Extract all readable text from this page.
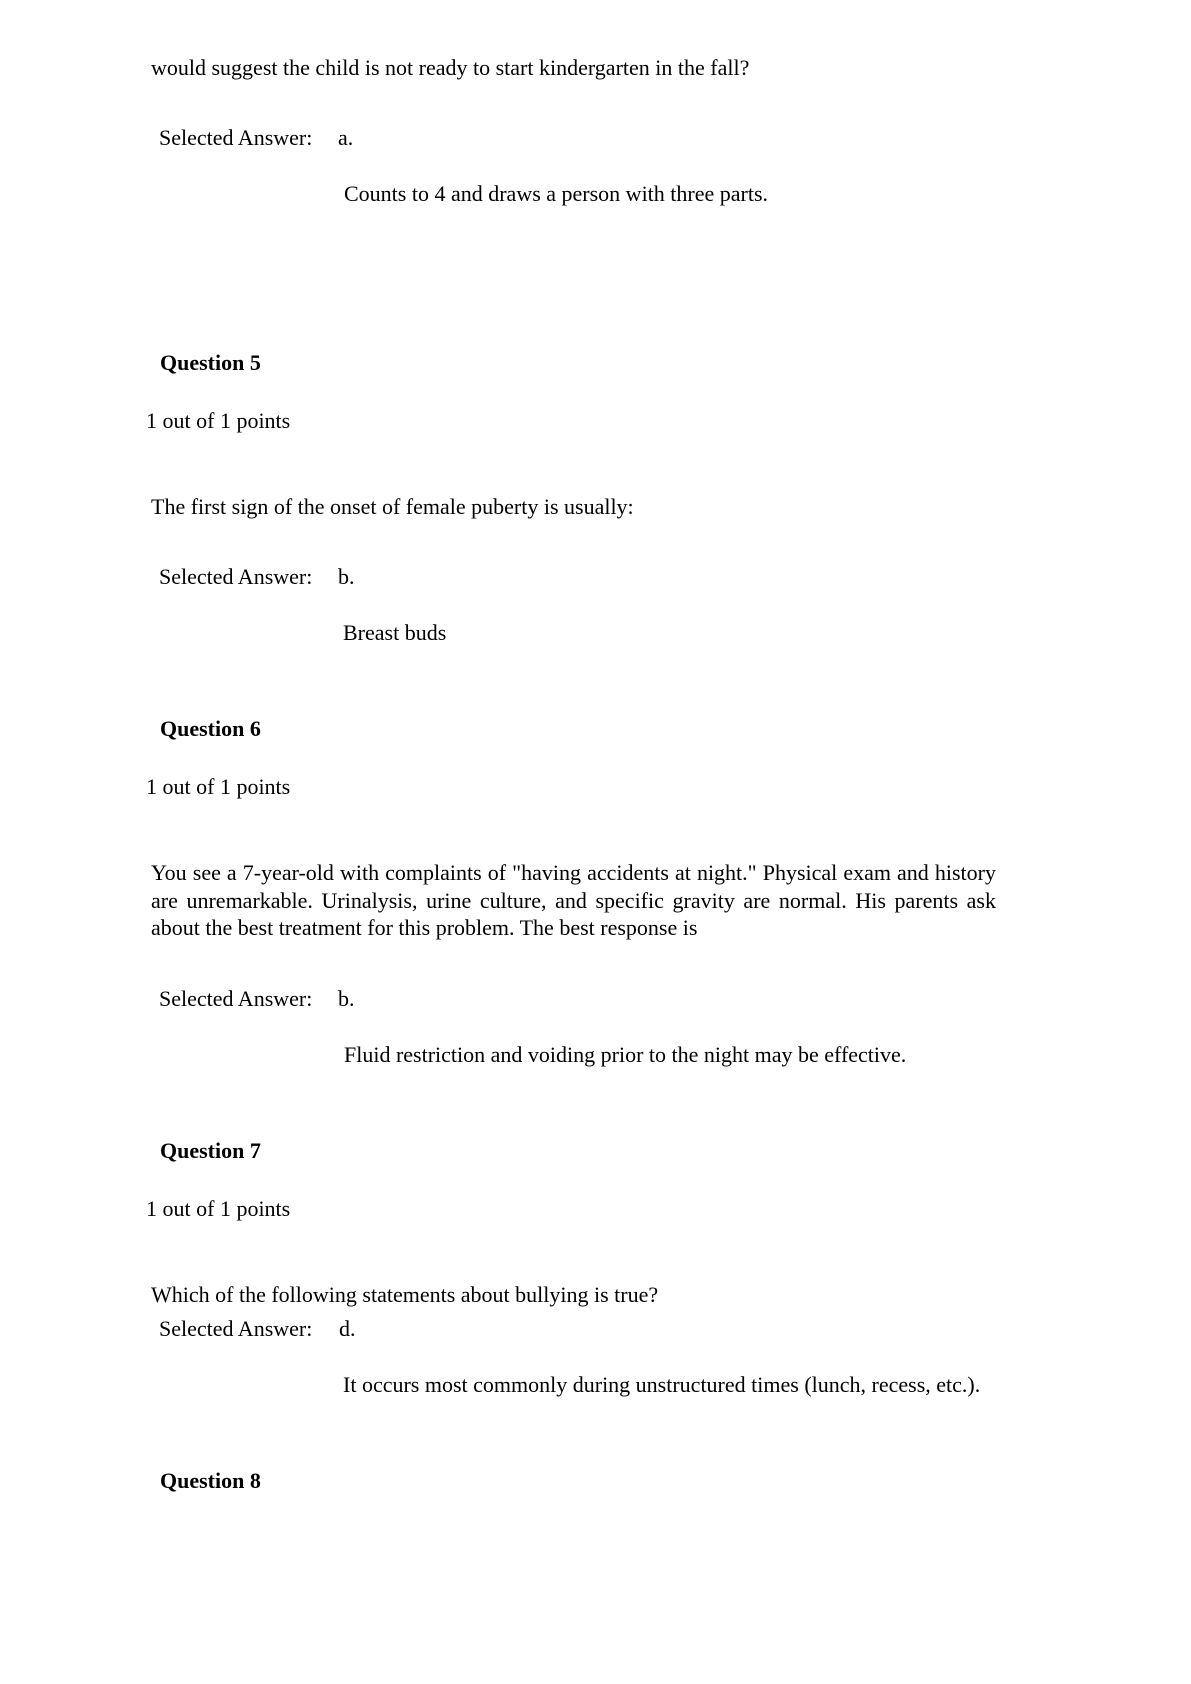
would suggest the child is not ready to start kindergarten in the fall?
Selected Answer: a.
Counts to 4 and draws a person with three parts.
Question 5
1 out of 1 points
The first sign of the onset of female puberty is usually:
Selected Answer: b.
Breast buds
Question 6
1 out of 1 points
You see a 7-year-old with complaints of "having accidents at night." Physical exam and history are unremarkable. Urinalysis, urine culture, and specific gravity are normal. His parents ask about the best treatment for this problem. The best response is
Selected Answer: b.
Fluid restriction and voiding prior to the night may be effective.
Question 7
1 out of 1 points
Which of the following statements about bullying is true?
Selected Answer: d.
It occurs most commonly during unstructured times (lunch, recess, etc.).
Question 8
